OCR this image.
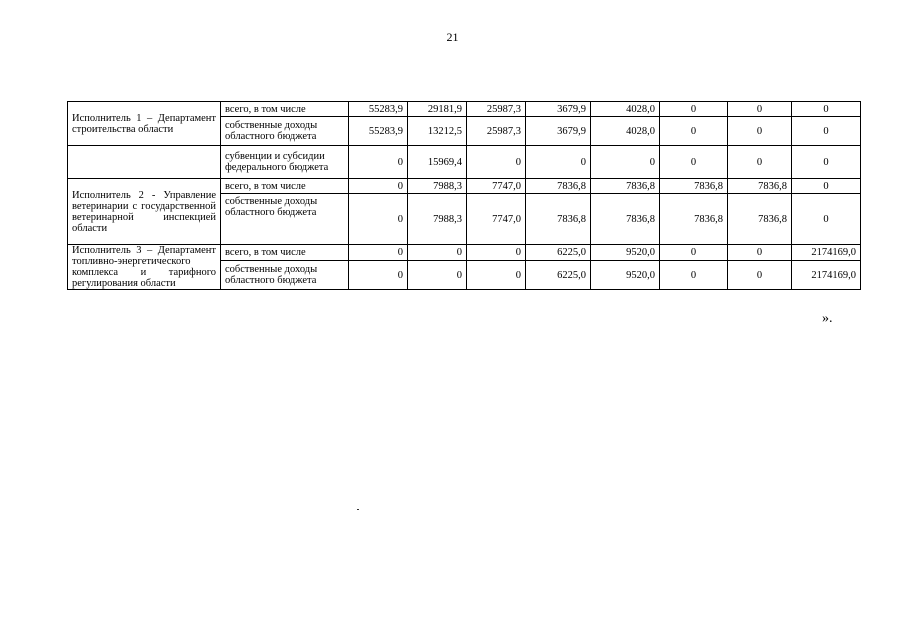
21
Исполнитель 1 – Департамент строительства области	всего, в том числе	55283,9	29181,9	25987,3	3679,9	4028,0	0	0	0
	собственные доходы областного бюджета	55283,9	13212,5	25987,3	3679,9	4028,0	0	0	0
	субвенции и субсидии федерального бюджета	0	15969,4	0	0	0	0	0	0
Исполнитель 2 - Управление ветеринарии с государственной ветеринарной инспекцией области	всего, в том числе	0	7988,3	7747,0	7836,8	7836,8	7836,8	7836,8	0
	собственные доходы областного бюджета	0	7988,3	7747,0	7836,8	7836,8	7836,8	7836,8	0
Исполнитель 3 – Департамент топливно-энергетического комплекса и тарифного регулирования области	всего, в том числе	0	0	0	6225,0	9520,0	0	0	2174169,0
	собственные доходы областного бюджета	0	0	0	6225,0	9520,0	0	0	2174169,0
».
